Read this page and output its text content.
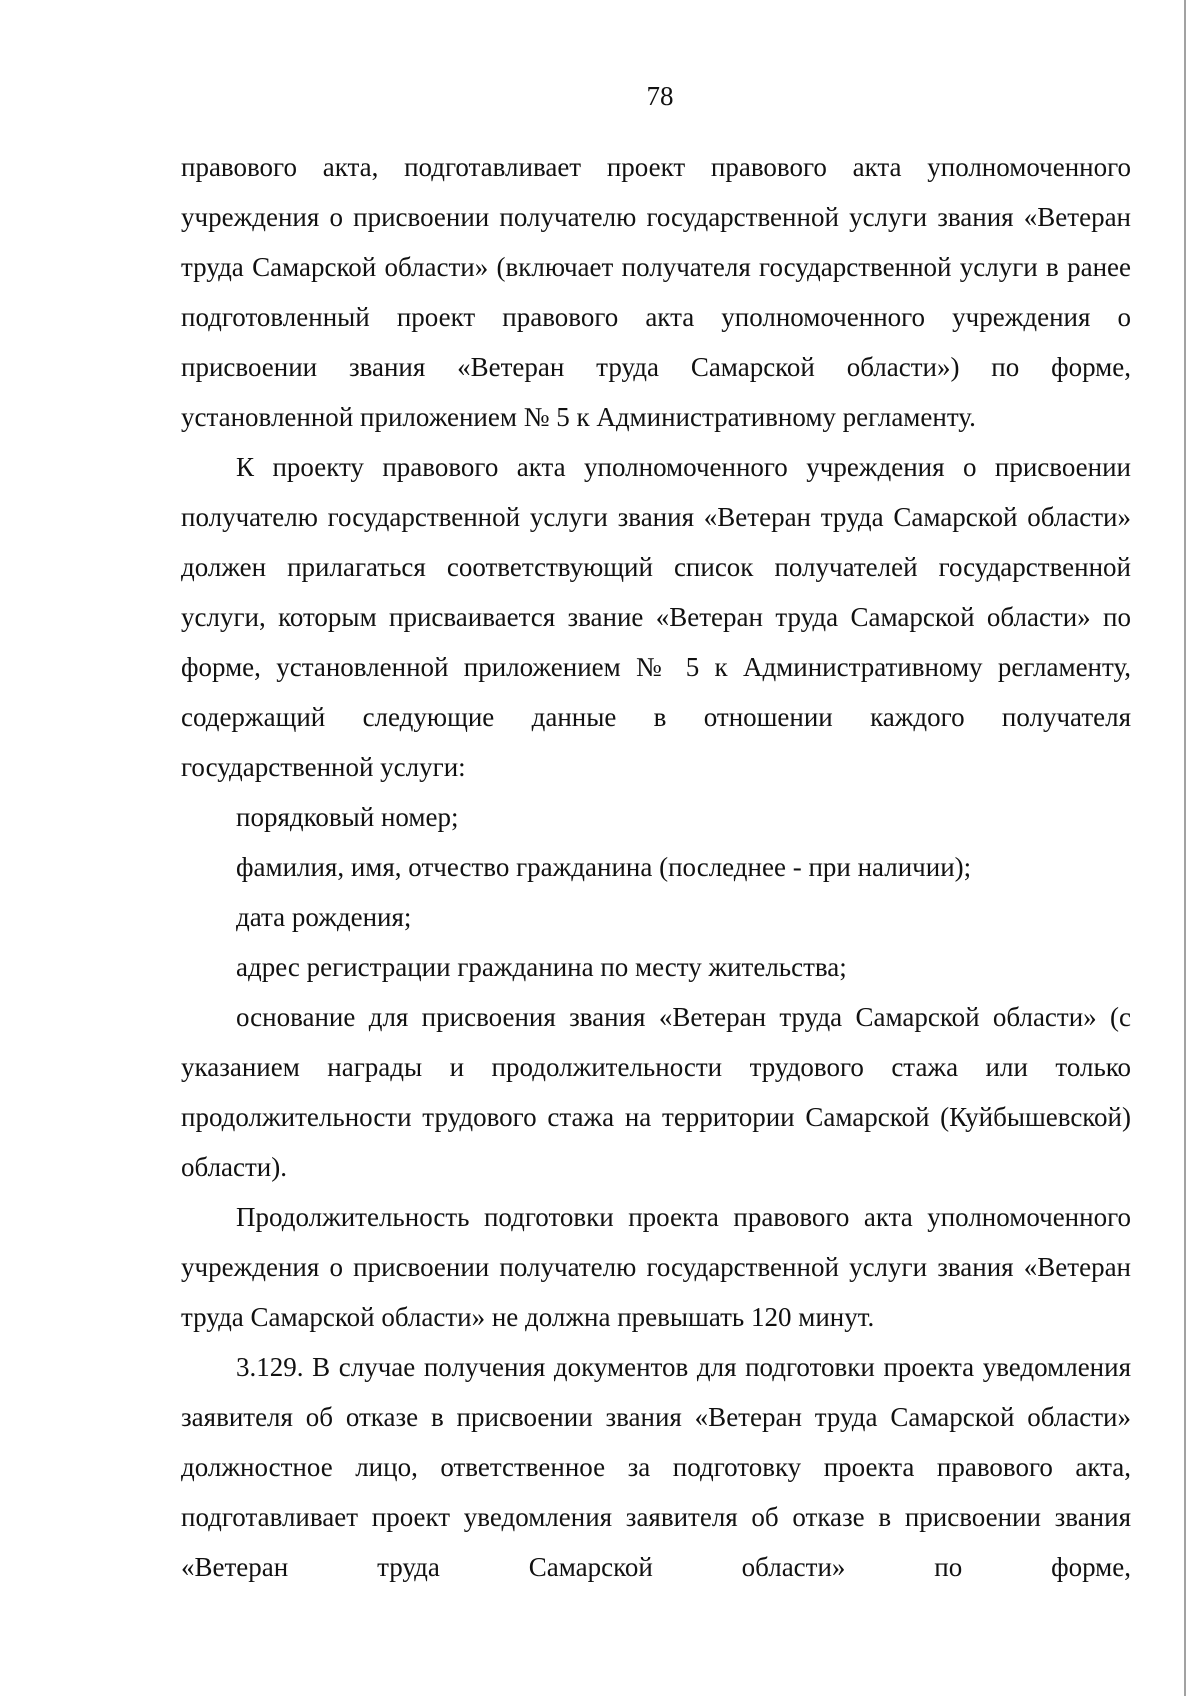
78

правового акта, подготавливает проект правового акта уполномоченного учреждения о присвоении получателю государственной услуги звания «Ветеран труда Самарской области» (включает получателя государственной услуги в ранее подготовленный проект правового акта уполномоченного учреждения о присвоении звания «Ветеран труда Самарской области») по форме, установленной приложением № 5 к Административному регламенту.

К проекту правового акта уполномоченного учреждения о присвоении получателю государственной услуги звания «Ветеран труда Самарской области» должен прилагаться соответствующий список получателей государственной услуги, которым присваивается звание «Ветеран труда Самарской области» по форме, установленной приложением № 5 к Административному регламенту, содержащий следующие данные в отношении каждого получателя государственной услуги:

порядковый номер;

фамилия, имя, отчество гражданина (последнее - при наличии);

дата рождения;

адрес регистрации гражданина по месту жительства;

основание для присвоения звания «Ветеран труда Самарской области» (с указанием награды и продолжительности трудового стажа или только продолжительности трудового стажа на территории Самарской (Куйбышевской) области).

Продолжительность подготовки проекта правового акта уполномоченного учреждения о присвоении получателю государственной услуги звания «Ветеран труда Самарской области» не должна превышать 120 минут.

3.129. В случае получения документов для подготовки проекта уведомления заявителя об отказе в присвоении звания «Ветеран труда Самарской области» должностное лицо, ответственное за подготовку проекта правового акта, подготавливает проект уведомления заявителя об отказе в присвоении звания «Ветеран труда Самарской области» по форме,
